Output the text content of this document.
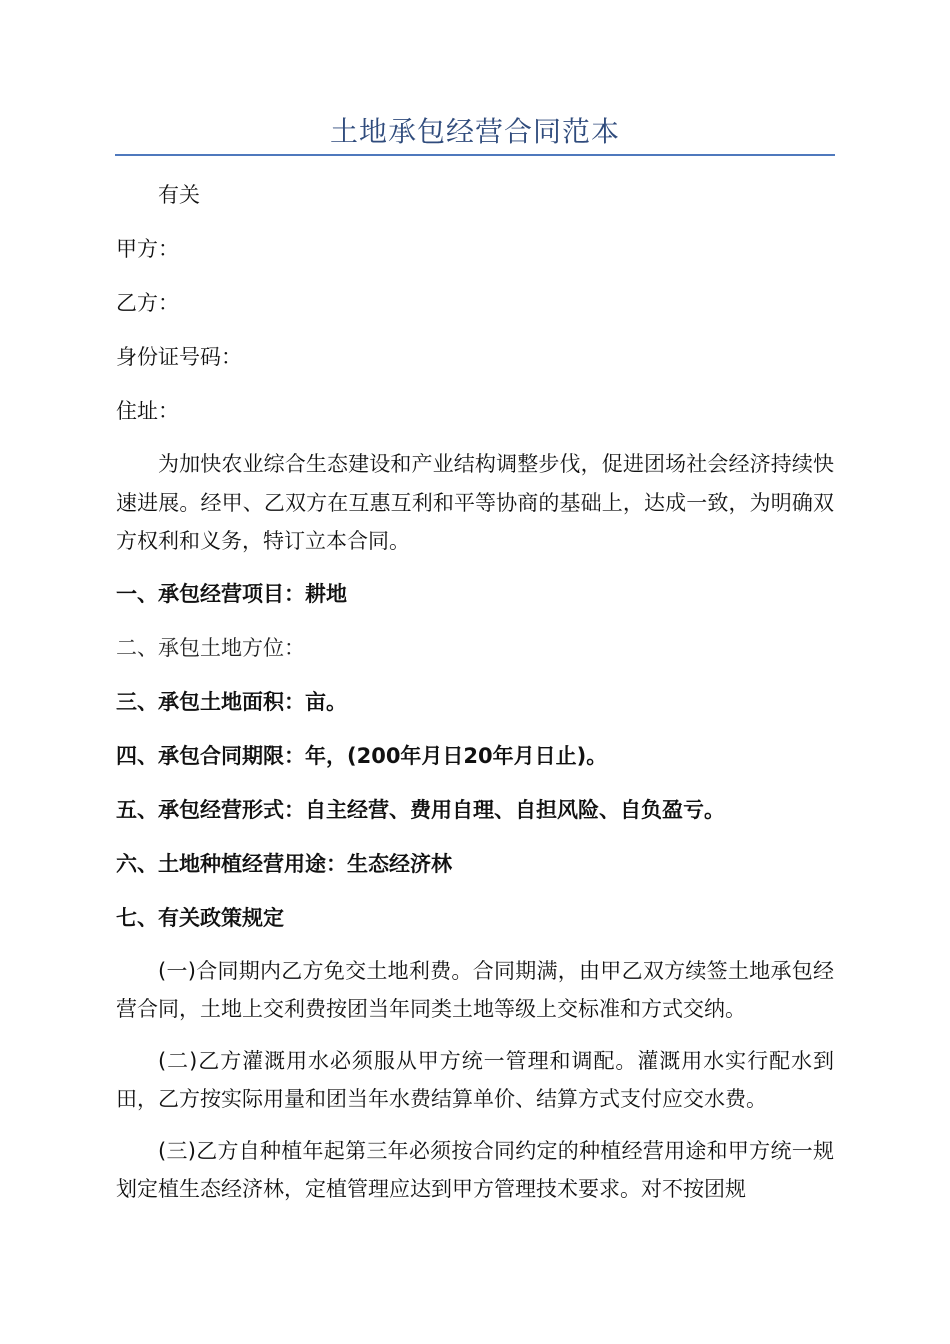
土地承包经营合同范本

有关

甲方：

乙方：

身份证号码：

住址：

为加快农业综合生态建设和产业结构调整步伐，促进团场社会经济持续快速进展。经甲、乙双方在互惠互利和平等协商的基础上，达成一致，为明确双方权利和义务，特订立本合同。

一、承包经营项目：耕地

二、承包土地方位：

三、承包土地面积：亩。

四、承包合同期限：年，(200年月日20年月日止)。

五、承包经营形式：自主经营、费用自理、自担风险、自负盈亏。

六、土地种植经营用途：生态经济林

七、有关政策规定

(一)合同期内乙方免交土地利费。合同期满，由甲乙双方续签土地承包经营合同，土地上交利费按团当年同类土地等级上交标准和方式交纳。

(二)乙方灌溉用水必须服从甲方统一管理和调配。灌溉用水实行配水到田，乙方按实际用量和团当年水费结算单价、结算方式支付应交水费。

(三)乙方自种植年起第三年必须按合同约定的种植经营用途和甲方统一规划定植生态经济林，定植管理应达到甲方管理技术要求。对不按团规
